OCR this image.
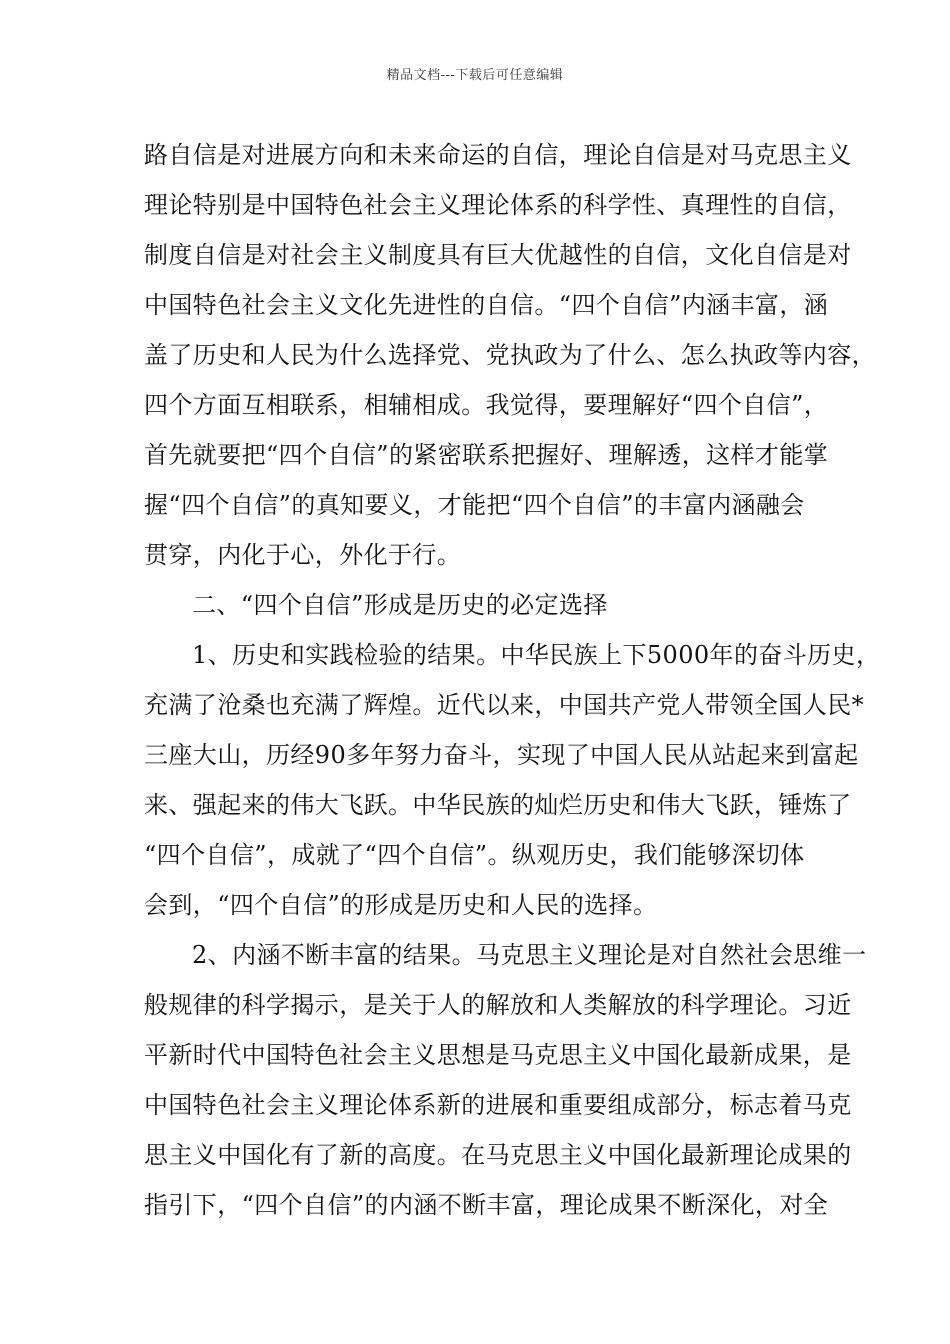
精品文档---下载后可任意编辑
路自信是对进展方向和未来命运的自信，理论自信是对马克思主义
理论特别是中国特色社会主义理论体系的科学性、真理性的自信，
制度自信是对社会主义制度具有巨大优越性的自信，文化自信是对
中国特色社会主义文化先进性的自信。“四个自信”内涵丰富，涵
盖了历史和人民为什么选择党、党执政为了什么、怎么执政等内容，
四个方面互相联系，相辅相成。我觉得，要理解好“四个自信”，
首先就要把“四个自信”的紧密联系把握好、理解透，这样才能掌
握“四个自信”的真知要义，才能把“四个自信”的丰富内涵融会
贯穿，内化于心，外化于行。
二、“四个自信”形成是历史的必定选择
1、历史和实践检验的结果。中华民族上下5000年的奋斗历史，
充满了沧桑也充满了辉煌。近代以来，中国共产党人带领全国人民*
三座大山，历经90多年努力奋斗，实现了中国人民从站起来到富起
来、强起来的伟大飞跃。中华民族的灿烂历史和伟大飞跃，锤炼了
“四个自信”，成就了“四个自信”。纵观历史，我们能够深切体
会到，“四个自信”的形成是历史和人民的选择。
2、内涵不断丰富的结果。马克思主义理论是对自然社会思维一
般规律的科学揭示，是关于人的解放和人类解放的科学理论。习近
平新时代中国特色社会主义思想是马克思主义中国化最新成果，是
中国特色社会主义理论体系新的进展和重要组成部分，标志着马克
思主义中国化有了新的高度。在马克思主义中国化最新理论成果的
指引下，“四个自信”的内涵不断丰富，理论成果不断深化，对全
